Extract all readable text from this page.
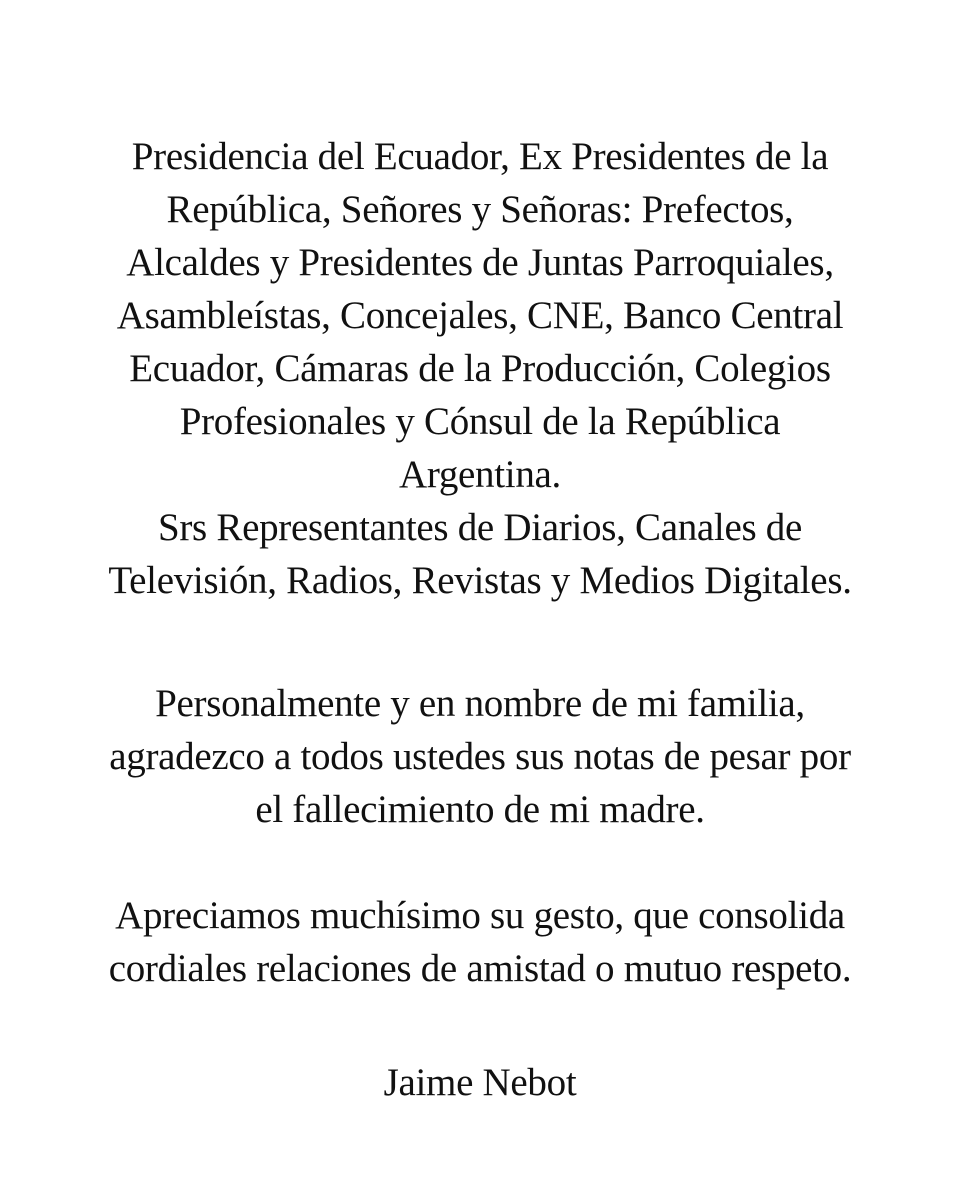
Presidencia del Ecuador, Ex Presidentes de la
República, Señores y Señoras: Prefectos,
Alcaldes y Presidentes de Juntas Parroquiales,
Asambleístas, Concejales, CNE, Banco Central
Ecuador, Cámaras de la Producción, Colegios
Profesionales y Cónsul de la República
Argentina.
Srs Representantes de Diarios, Canales de
Televisión, Radios, Revistas y Medios Digitales.
Personalmente y en nombre de mi familia,
agradezco a todos ustedes sus notas de pesar por
el fallecimiento de mi madre.
Apreciamos muchísimo su gesto, que consolida
cordiales relaciones de amistad o mutuo respeto.
Jaime Nebot
